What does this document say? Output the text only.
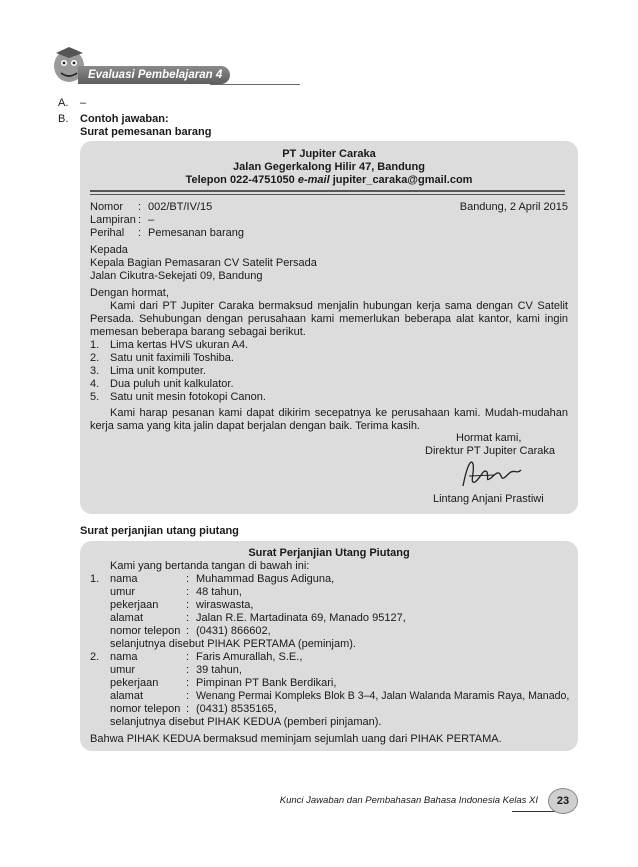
Evaluasi Pembelajaran 4
A. –
B. Contoh jawaban:
Surat pemesanan barang
PT Jupiter Caraka
Jalan Gegerkalong Hilir 47, Bandung
Telepon 022-4751050 e-mail jupiter_caraka@gmail.com
Nomor : 002/BT/IV/15
Lampiran : –
Perihal : Pemesanan barang
Bandung, 2 April 2015
Kepada
Kepala Bagian Pemasaran CV Satelit Persada
Jalan Cikutra-Sekejati 09, Bandung
Dengan hormat,
Kami dari PT Jupiter Caraka bermaksud menjalin hubungan kerja sama dengan CV Satelit Persada. Sehubungan dengan perusahaan kami memerlukan beberapa alat kantor, kami ingin memesan beberapa barang sebagai berikut.
1. Lima kertas HVS ukuran A4.
2. Satu unit faximili Toshiba.
3. Lima unit komputer.
4. Dua puluh unit kalkulator.
5. Satu unit mesin fotokopi Canon.
Kami harap pesanan kami dapat dikirim secepatnya ke perusahaan kami. Mudah-mudahan kerja sama yang kita jalin dapat berjalan dengan baik. Terima kasih.
Hormat kami,
Direktur PT Jupiter Caraka
Lintang Anjani Prastiwi
Surat perjanjian utang piutang
Surat Perjanjian Utang Piutang
Kami yang bertanda tangan di bawah ini:
1. nama	: Muhammad Bagus Adiguna,
umur	: 48 tahun,
pekerjaan	: wiraswasta,
alamat	: Jalan R.E. Martadinata 69, Manado 95127,
nomor telepon : (0431) 866602,
selanjutnya disebut PIHAK PERTAMA (peminjam).
2. nama	: Faris Amurallah, S.E.,
umur	: 39 tahun,
pekerjaan	: Pimpinan PT Bank Berdikari,
alamat	: Wenang Permai Kompleks Blok B 3–4, Jalan Walanda Maramis Raya, Manado,
nomor telepon : (0431) 8535165,
selanjutnya disebut PIHAK KEDUA (pemberi pinjaman).
Bahwa PIHAK KEDUA bermaksud meminjam sejumlah uang dari PIHAK PERTAMA.
Kunci Jawaban dan Pembahasan Bahasa Indonesia Kelas XI	23
